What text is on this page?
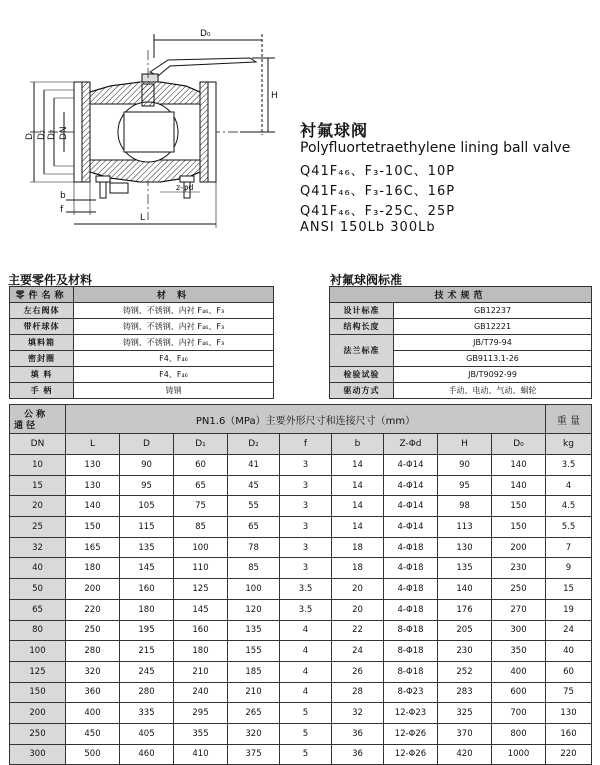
D₀
H
D D₁ D₂ DN
b
f
L
z-φd
衬氟球阀
Polyfluortetraethylene lining ball valve
Q41F₄₆、F₃-10C、10P
Q41F₄₆、F₃-16C、16P
Q41F₄₆、F₃-25C、25P
ANSI 150Lb 300Lb
主要零件及材料
零件名称	材 料
左右阀体	铸钢、不锈钢、内衬 F₄₆、F₃
带杆球体	铸钢、不锈钢、内衬 F₄₆、F₃
填料箱	铸钢、不锈钢、内衬 F₄₆、F₃
密封圈	F4、F₄₆
填 料	F4、F₄₆
手 柄	铸钢
衬氟球阀标准
技术规范	
设计标准	GB12237
结构长度	GB12221
法兰标准	JB/T79-94
	GB9113.1-26
检验试验	JB/T9092-99
驱动方式	手动、电动、气动、蜗轮
公 称
通 径	PN1.6（MPa）主要外形尺寸和连接尺寸（mm）									重 量
DN	L	D	D₁	D₂	f	b	Z-Φd	H	D₀	kg
10	130	90	60	41	3	14	4-Φ14	90	140	3.5
15	130	95	65	45	3	14	4-Φ14	95	140	4
20	140	105	75	55	3	14	4-Φ14	98	150	4.5
25	150	115	85	65	3	14	4-Φ14	113	150	5.5
32	165	135	100	78	3	18	4-Φ18	130	200	7
40	180	145	110	85	3	18	4-Φ18	135	230	9
50	200	160	125	100	3.5	20	4-Φ18	140	250	15
65	220	180	145	120	3.5	20	4-Φ18	176	270	19
80	250	195	160	135	4	22	8-Φ18	205	300	24
100	280	215	180	155	4	24	8-Φ18	230	350	40
125	320	245	210	185	4	26	8-Φ18	252	400	60
150	360	280	240	210	4	28	8-Φ23	283	600	75
200	400	335	295	265	5	32	12-Φ23	325	700	130
250	450	405	355	320	5	36	12-Φ26	370	800	160
300	500	460	410	375	5	36	12-Φ26	420	1000	220
